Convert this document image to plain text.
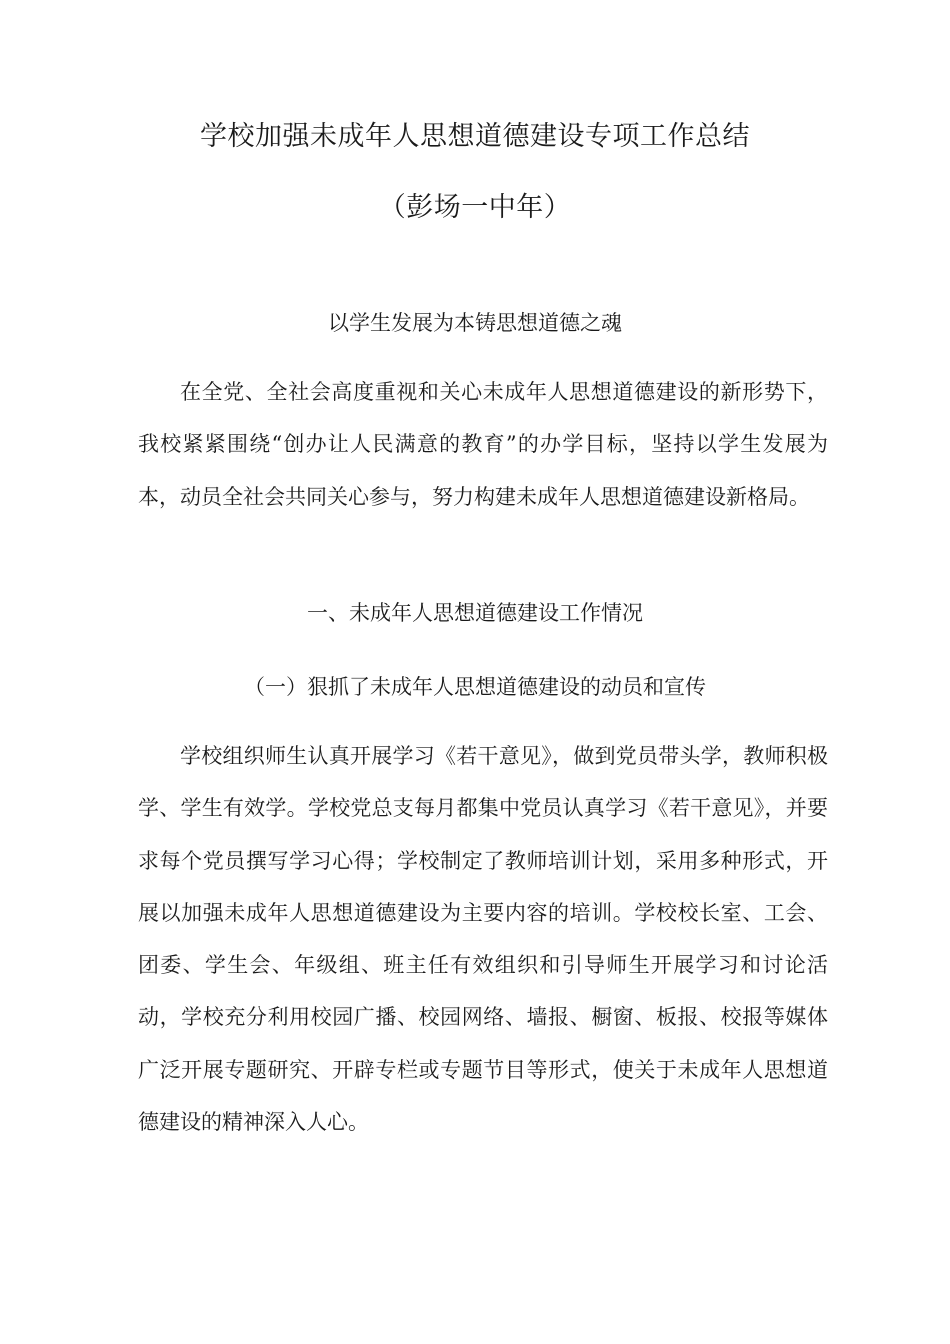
学校加强未成年人思想道德建设专项工作总结
（彭场一中年）
以学生发展为本铸思想道德之魂

在全党、全社会高度重视和关心未成年人思想道德建设的新形势下，我校紧紧围绕“创办让人民满意的教育”的办学目标，坚持以学生发展为本，动员全社会共同关心参与，努力构建未成年人思想道德建设新格局。

一、未成年人思想道德建设工作情况
（一）狠抓了未成年人思想道德建设的动员和宣传

学校组织师生认真开展学习《若干意见》，做到党员带头学，教师积极学、学生有效学。学校党总支每月都集中党员认真学习《若干意见》，并要求每个党员撰写学习心得；学校制定了教师培训计划，采用多种形式，开展以加强未成年人思想道德建设为主要内容的培训。学校校长室、工会、团委、学生会、年级组、班主任有效组织和引导师生开展学习和讨论活动，学校充分利用校园广播、校园网络、墙报、橱窗、板报、校报等媒体广泛开展专题研究、开辟专栏或专题节目等形式，使关于未成年人思想道德建设的精神深入人心。
